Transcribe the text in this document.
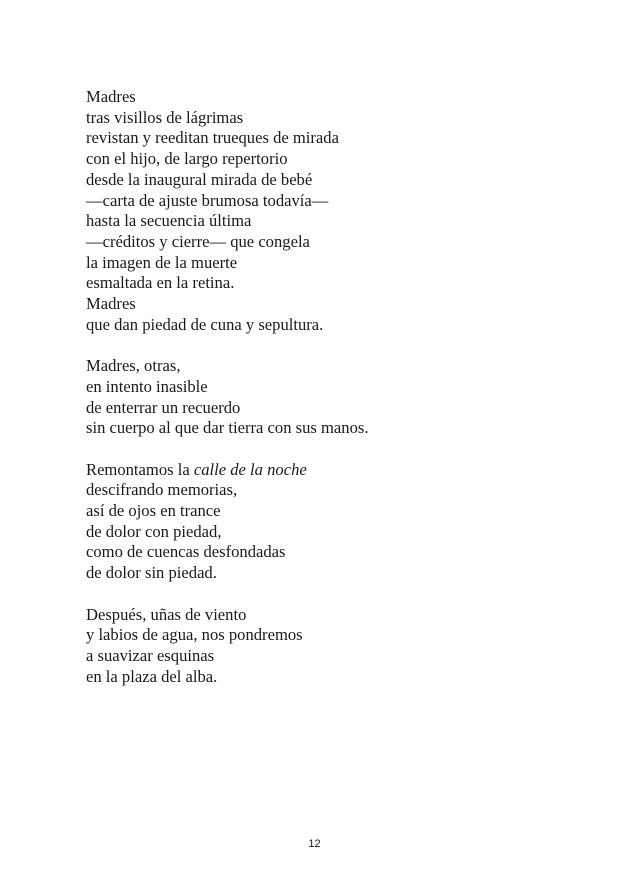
Madres
tras visillos de lágrimas
revistan y reeditan trueques de mirada
con el hijo, de largo repertorio
desde la inaugural mirada de bebé
—carta de ajuste brumosa todavía—
hasta la secuencia última
—créditos y cierre— que congela
la imagen de la muerte
esmaltada en la retina.
Madres
que dan piedad de cuna y sepultura.
Madres, otras,
en intento inasible
de enterrar un recuerdo
sin cuerpo al que dar tierra con sus manos.
Remontamos la calle de la noche
descifrando memorias,
así de ojos en trance
de dolor con piedad,
como de cuencas desfondadas
de dolor sin piedad.
Después, uñas de viento
y labios de agua, nos pondremos
a suavizar esquinas
en la plaza del alba.
12
